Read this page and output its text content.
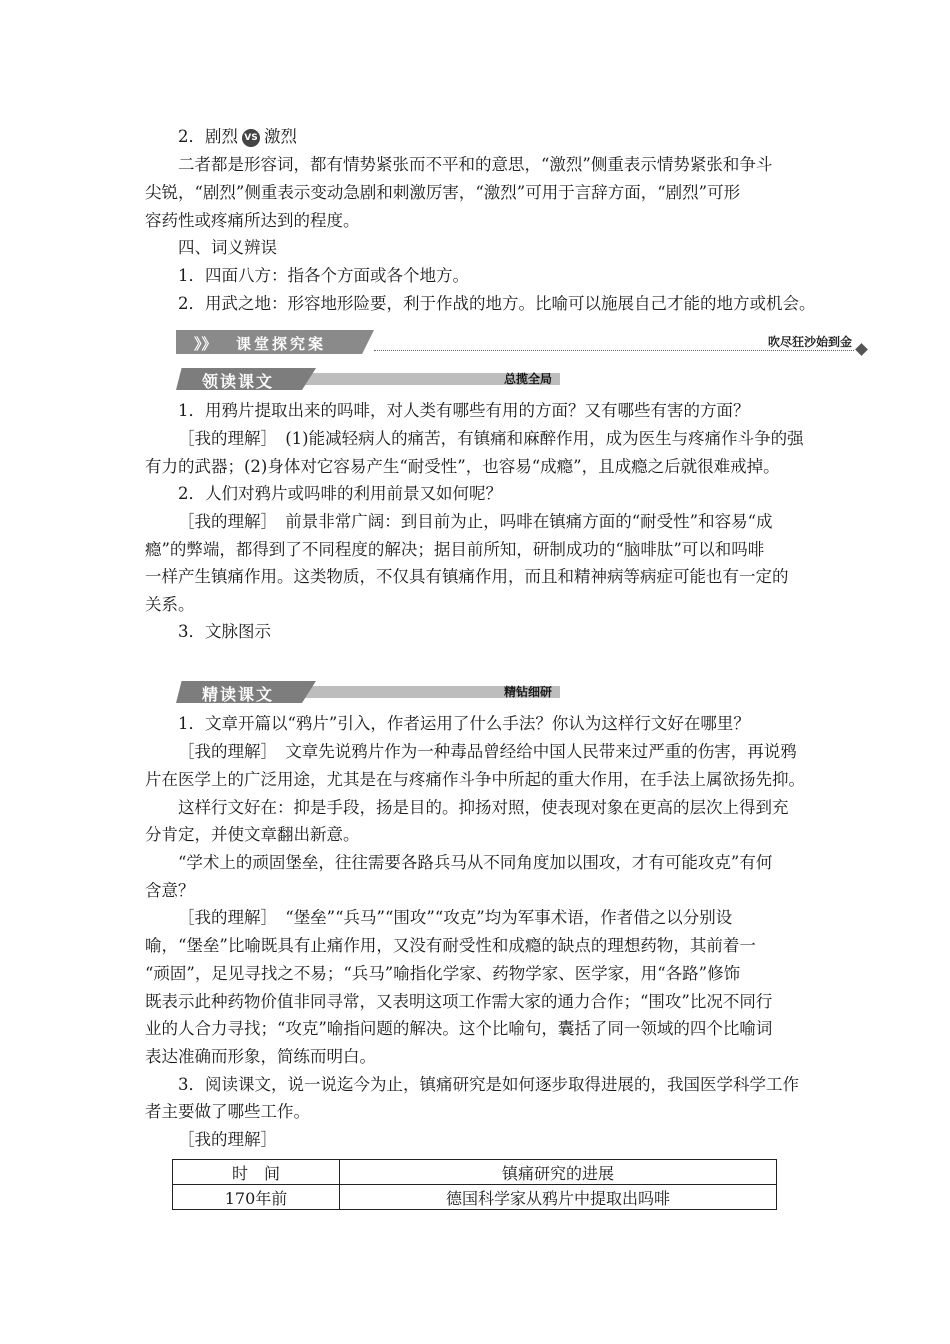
2．剧烈 VS 激烈
二者都是形容词，都有情势紧张而不平和的意思，“激烈”侧重表示情势紧张和争斗
尖锐，“剧烈”侧重表示变动急剧和刺激厉害，“激烈”可用于言辞方面，“剧烈”可形
容药性或疼痛所达到的程度。
四、词义辨误
1．四面八方：指各个方面或各个地方。
2．用武之地：形容地形险要，利于作战的地方。比喻可以施展自己才能的地方或机会。
》》 课堂探究案	吹尽狂沙始到金
领读课文	总揽全局
1．用鸦片提取出来的吗啡，对人类有哪些有用的方面？又有哪些有害的方面？
［我的理解］　(1)能减轻病人的痛苦，有镇痛和麻醉作用，成为医生与疼痛作斗争的强
有力的武器；(2)身体对它容易产生“耐受性”，也容易“成瘾”，且成瘾之后就很难戒掉。
2．人们对鸦片或吗啡的利用前景又如何呢？
［我的理解］　前景非常广阔：到目前为止，吗啡在镇痛方面的“耐受性”和容易“成
瘾”的弊端，都得到了不同程度的解决；据目前所知，研制成功的“脑啡肽”可以和吗啡
一样产生镇痛作用。这类物质，不仅具有镇痛作用，而且和精神病等病症可能也有一定的
关系。
3．文脉图示
精读课文	精钻细研
1．文章开篇以“鸦片”引入，作者运用了什么手法？你认为这样行文好在哪里？
［我的理解］　文章先说鸦片作为一种毒品曾经给中国人民带来过严重的伤害，再说鸦
片在医学上的广泛用途，尤其是在与疼痛作斗争中所起的重大作用，在手法上属欲扬先抑。
这样行文好在：抑是手段，扬是目的。抑扬对照，使表现对象在更高的层次上得到充
分肯定，并使文章翻出新意。
“学术上的顽固堡垒，往往需要各路兵马从不同角度加以围攻，才有可能攻克”有何
含意？
［我的理解］　“堡垒”“兵马”“围攻”“攻克”均为军事术语，作者借之以分别设
喻，“堡垒”比喻既具有止痛作用，又没有耐受性和成瘾的缺点的理想药物，其前着一
“顽固”，足见寻找之不易；“兵马”喻指化学家、药物学家、医学家，用“各路”修饰
既表示此种药物价值非同寻常，又表明这项工作需大家的通力合作；“围攻”比况不同行
业的人合力寻找；“攻克”喻指问题的解决。这个比喻句，囊括了同一领域的四个比喻词
表达准确而形象，简练而明白。
3．阅读课文，说一说迄今为止，镇痛研究是如何逐步取得进展的，我国医学科学工作
者主要做了哪些工作。
［我的理解］
时　间	镇痛研究的进展
170年前	德国科学家从鸦片中提取出吗啡
